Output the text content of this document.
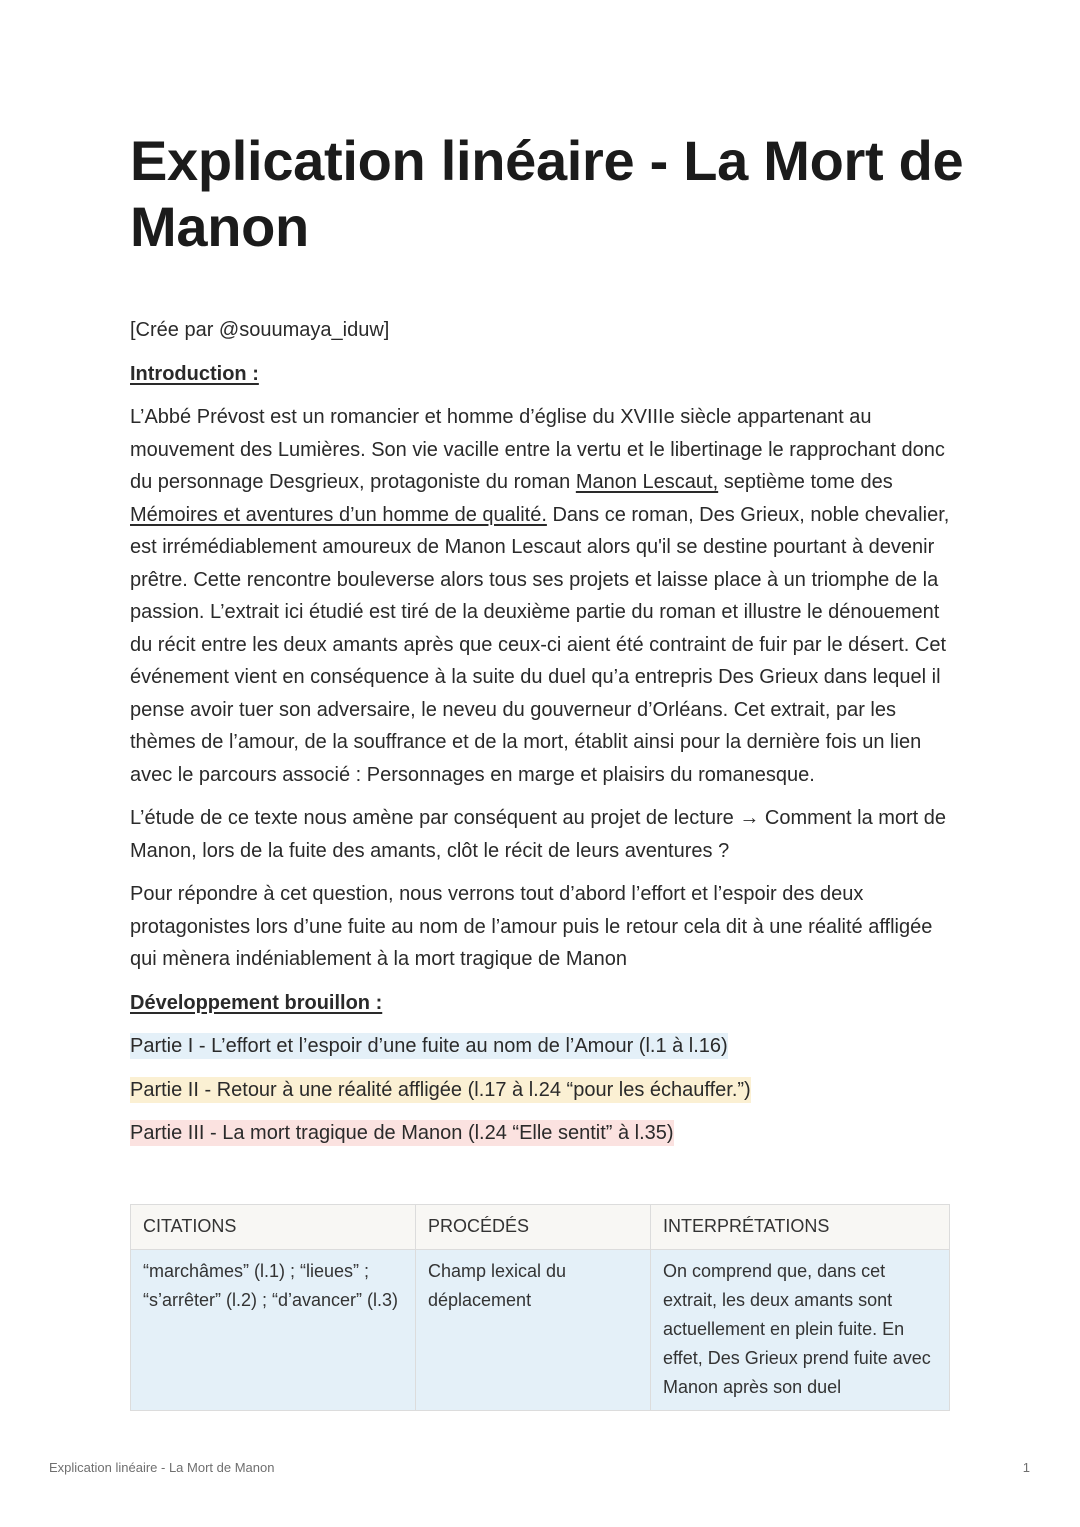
Explication linéaire - La Mort de Manon

[Crée par @souumaya_iduw]

Introduction :

L’Abbé Prévost est un romancier et homme d’église du XVIIIe siècle appartenant au mouvement des Lumières. Son vie vacille entre la vertu et le libertinage le rapprochant donc du personnage Desgrieux, protagoniste du roman Manon Lescaut, septième tome des Mémoires et aventures d’un homme de qualité. Dans ce roman, Des Grieux, noble chevalier, est irrémédiablement amoureux de Manon Lescaut alors qu'il se destine pourtant à devenir prêtre. Cette rencontre bouleverse alors tous ses projets et laisse place à un triomphe de la passion. L’extrait ici étudié est tiré de la deuxième partie du roman et illustre le dénouement du récit entre les deux amants après que ceux-ci aient été contraint de fuir par le désert. Cet événement vient en conséquence à la suite du duel qu’a entrepris Des Grieux dans lequel il pense avoir tuer son adversaire, le neveu du gouverneur d’Orléans. Cet extrait, par les thèmes de l’amour, de la souffrance et de la mort, établit ainsi pour la dernière fois un lien avec le parcours associé : Personnages en marge et plaisirs du romanesque.

L’étude de ce texte nous amène par conséquent au projet de lecture → Comment la mort de Manon, lors de la fuite des amants, clôt le récit de leurs aventures ?

Pour répondre à cet question, nous verrons tout d’abord l’effort et l’espoir des deux protagonistes lors d’une fuite au nom de l’amour puis le retour cela dit à une réalité affligée qui mènera indéniablement à la mort tragique de Manon

Développement brouillon :

Partie I - L’effort et l’espoir d’une fuite au nom de l’Amour (l.1 à l.16)

Partie II - Retour à une réalité affligée (l.17 à l.24 “pour les échauffer.”)

Partie III - La mort tragique de Manon (l.24 “Elle sentit” à l.35)

CITATIONS	PROCÉDÉS	INTERPRÉTATIONS
“marchâmes” (l.1) ; “lieues” ; “s’arrêter” (l.2) ; “d’avancer” (l.3)	Champ lexical du déplacement	On comprend que, dans cet extrait, les deux amants sont actuellement en plein fuite. En effet, Des Grieux prend fuite avec Manon après son duel
Explication linéaire - La Mort de Manon	1
